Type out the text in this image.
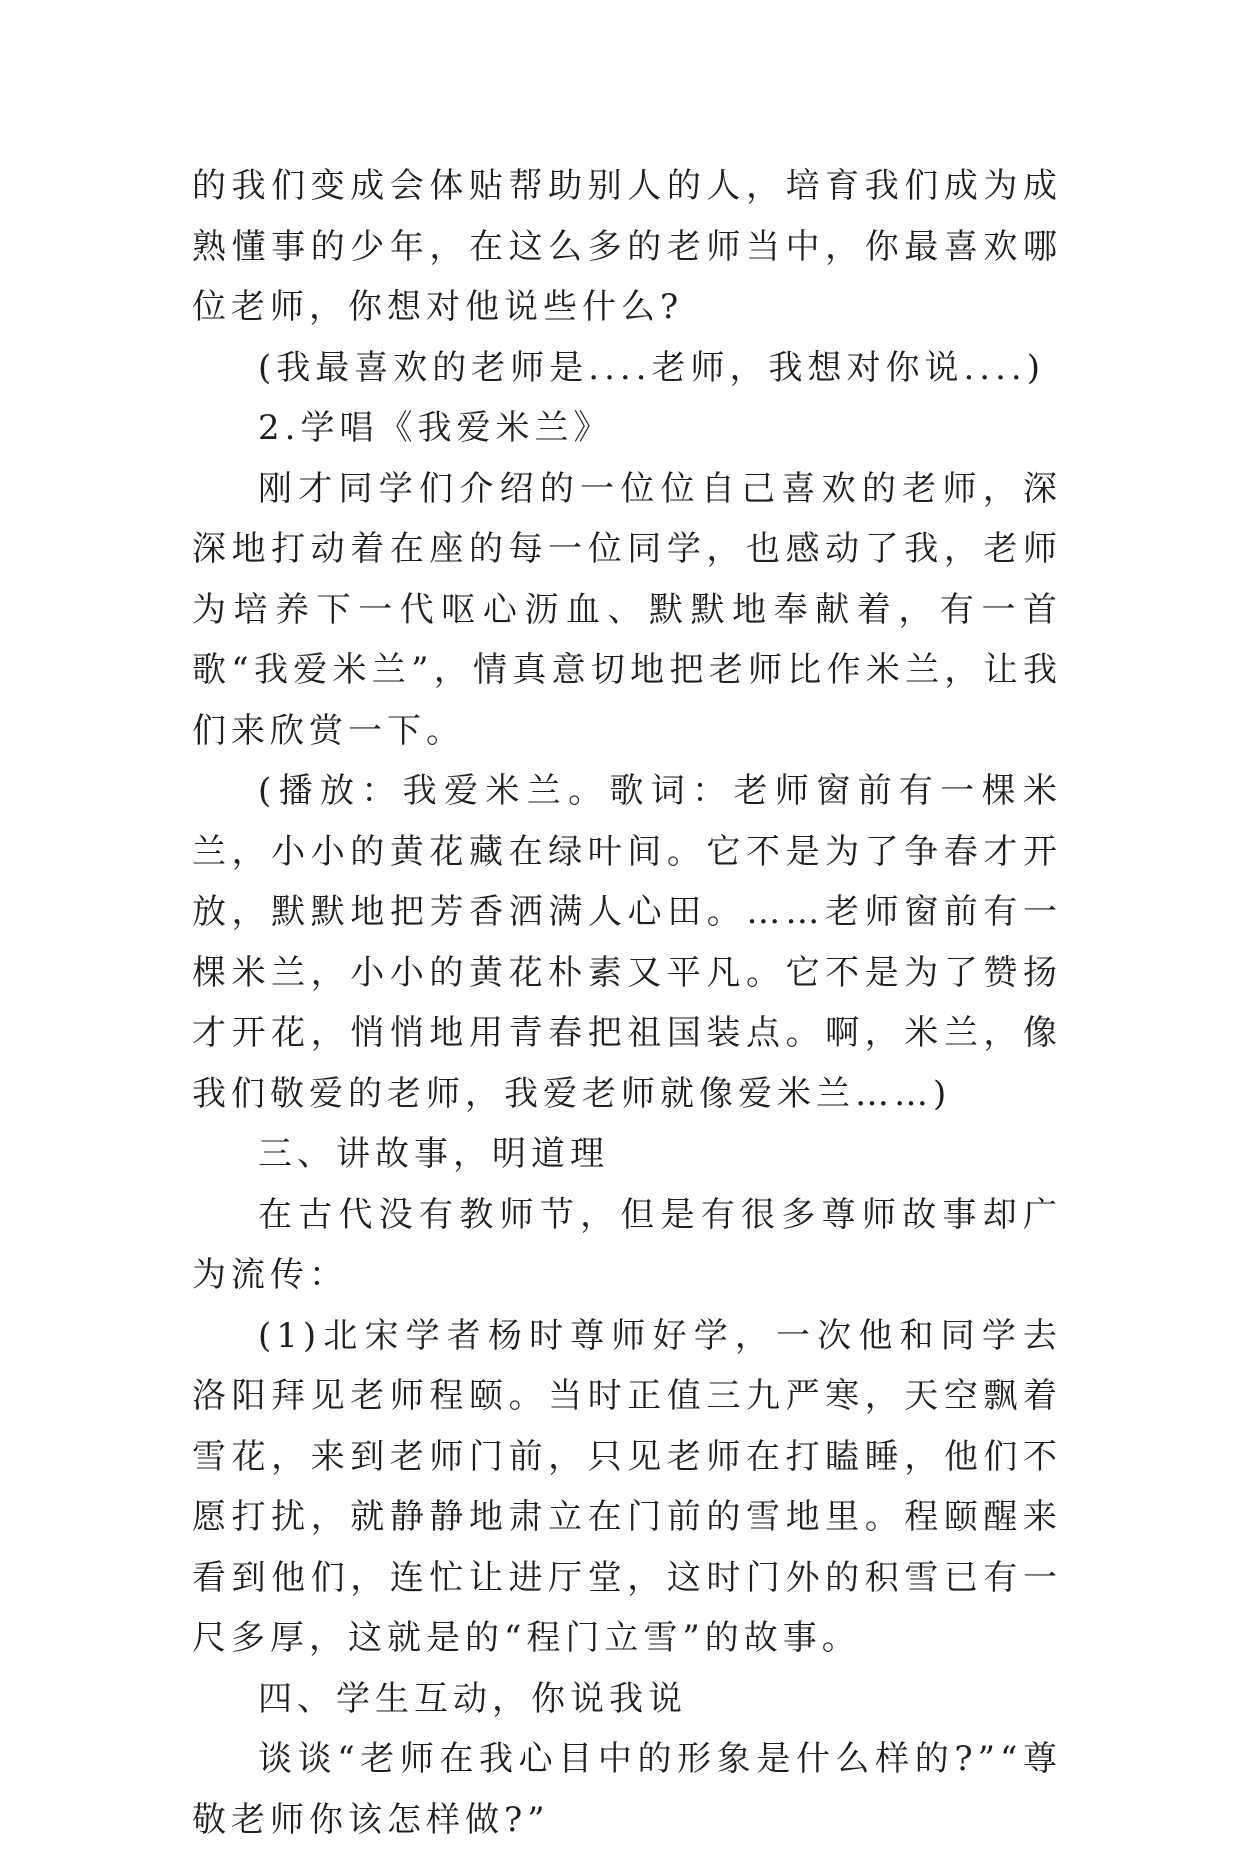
的我们变成会体贴帮助别人的人，培育我们成为成熟懂事的少年，在这么多的老师当中，你最喜欢哪位老师，你想对他说些什么?

(我最喜欢的老师是....老师，我想对你说....)

2.学唱《我爱米兰》

刚才同学们介绍的一位位自己喜欢的老师，深深地打动着在座的每一位同学，也感动了我，老师为培养下一代呕心沥血、默默地奉献着，有一首歌“我爱米兰”，情真意切地把老师比作米兰，让我们来欣赏一下。

(播放：我爱米兰。歌词：老师窗前有一棵米兰，小小的黄花藏在绿叶间。它不是为了争春才开放，默默地把芳香洒满人心田。……老师窗前有一棵米兰，小小的黄花朴素又平凡。它不是为了赞扬才开花，悄悄地用青春把祖国装点。啊，米兰，像我们敬爱的老师，我爱老师就像爱米兰……)

三、讲故事，明道理

在古代没有教师节，但是有很多尊师故事却广为流传：

(1)北宋学者杨时尊师好学，一次他和同学去洛阳拜见老师程颐。当时正值三九严寒，天空飘着雪花，来到老师门前，只见老师在打瞌睡，他们不愿打扰，就静静地肃立在门前的雪地里。程颐醒来看到他们，连忙让进厅堂，这时门外的积雪已有一尺多厚，这就是的“程门立雪”的故事。

四、学生互动，你说我说

谈谈“老师在我心目中的形象是什么样的?”“尊敬老师你该怎样做?”
